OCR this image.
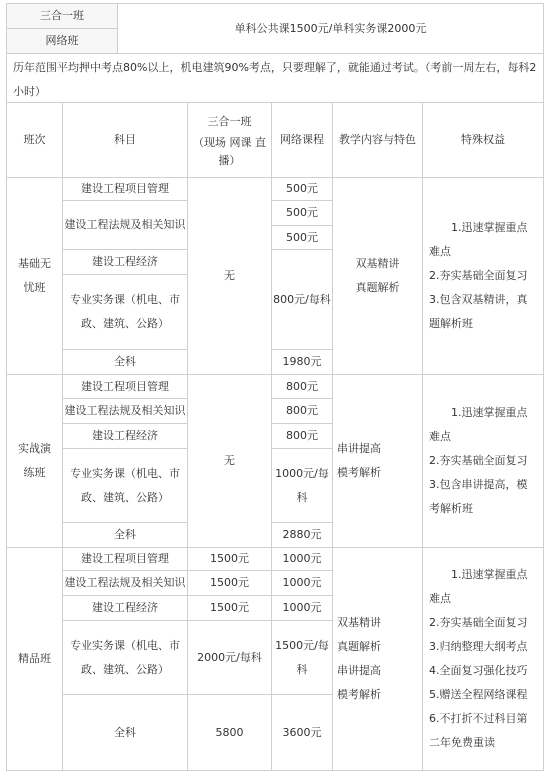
三合一班
网络班
单科公共课1500元/单科实务课2000元
历年范围平均押中考点80%以上，机电建筑90%考点，只要理解了，就能通过考试。（考前一周左右，每科2小时）
班次	科目
三合一班
（现场 网课 直播）
网络课程 教学内容与特色	特殊权益
基础无忧班
建设工程项目管理
建设工程法规及相关知识
建设工程经济
专业实务课（机电、市政、建筑、公路）
全科
无
500元
500元
500元
800元/每科
1980元
双基精讲
真题解析
1.迅速掌握重点难点
2.夯实基础全面复习
3.包含双基精讲，真题解析班
实战演练班
建设工程项目管理
建设工程法规及相关知识
建设工程经济
专业实务课（机电、市政、建筑、公路）
全科
无
800元
800元
800元
1000元/每科
2880元
串讲提高
模考解析
1.迅速掌握重点难点
2.夯实基础全面复习
3.包含串讲提高，模考解析班
精品班
建设工程项目管理
建设工程法规及相关知识
建设工程经济
专业实务课（机电、市政、建筑、公路）
全科
1500元
1500元
1500元
2000元/每科
5800
1000元
1000元
1000元
1500元/每科
3600元
双基精讲
真题解析
串讲提高
模考解析
1.迅速掌握重点难点
2.夯实基础全面复习
3.归纳整理大纲考点
4.全面复习强化技巧
5.赠送全程网络课程
6.不打折不过科目第二年免费重读
